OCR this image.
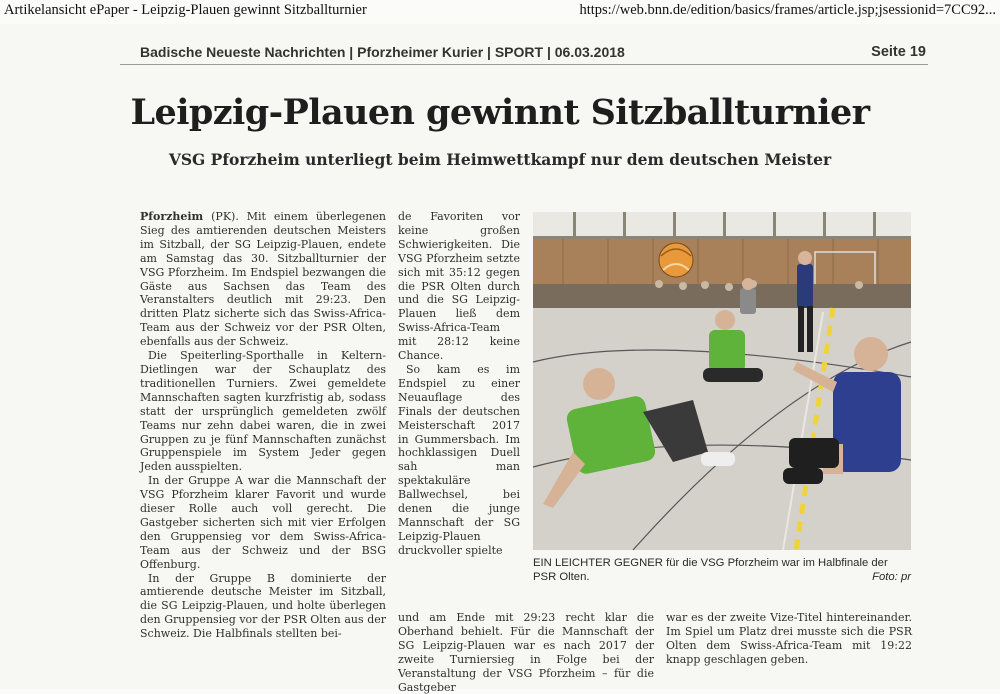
Artikelansicht ePaper - Leipzig-Plauen gewinnt Sitzballturnier	https://web.bnn.de/edition/basics/frames/article.jsp;jsessionid=7CC92...
Badische Neueste Nachrichten | Pforzheimer Kurier | SPORT | 06.03.2018	Seite 19
Leipzig-Plauen gewinnt Sitzballturnier
VSG Pforzheim unterliegt beim Heimwettkampf nur dem deutschen Meister

Pforzheim (PK). Mit einem überlegenen Sieg des amtierenden deutschen Meisters im Sitzball, der SG Leipzig-Plauen, endete am Samstag das 30. Sitzballturnier der VSG Pforzheim. Im Endspiel bezwangen die Gäste aus Sachsen das Team des Veranstalters deutlich mit 29:23. Den dritten Platz sicherte sich das Swiss-Africa-Team aus der Schweiz vor der PSR Olten, ebenfalls aus der Schweiz.

Die Speiterling-Sporthalle in Keltern-Dietlingen war der Schauplatz des traditionellen Turniers. Zwei gemeldete Mannschaften sagten kurzfristig ab, sodass statt der ursprünglich gemeldeten zwölf Teams nur zehn dabei waren, die in zwei Gruppen zu je fünf Mannschaften zunächst Gruppenspiele im System Jeder gegen Jeden ausspielten.

In der Gruppe A war die Mannschaft der VSG Pforzheim klarer Favorit und wurde dieser Rolle auch voll gerecht. Die Gastgeber sicherten sich mit vier Erfolgen den Gruppensieg vor dem Swiss-Africa-Team aus der Schweiz und der BSG Offenburg.

In der Gruppe B dominierte der amtierende deutsche Meister im Sitzball, die SG Leipzig-Plauen, und holte überlegen den Gruppensieg vor der PSR Olten aus der Schweiz. Die Halbfinals stellten bei-

de Favoriten vor keine großen Schwierigkeiten. Die VSG Pforzheim setzte sich mit 35:12 gegen die PSR Olten durch und die SG Leipzig-Plauen ließ dem Swiss-Africa-Team mit 28:12 keine Chance.

So kam es im Endspiel zu einer Neuauflage des Finals der deutschen Meisterschaft 2017 in Gummersbach. Im hochklassigen Duell sah man spektakuläre Ballwechsel, bei denen die junge Mannschaft der SG Leipzig-Plauen druckvoller spielte

und am Ende mit 29:23 recht klar die Oberhand behielt. Für die Mannschaft der SG Leipzig-Plauen war es nach 2017 der zweite Turniersieg in Folge bei der Veranstaltung der VSG Pforzheim – für die Gastgeber

war es der zweite Vize-Titel hintereinander. Im Spiel um Platz drei musste sich die PSR Olten dem Swiss-Africa-Team mit 19:22 knapp geschlagen geben.

EIN LEICHTER GEGNER für die VSG Pforzheim war im Halbfinale der PSR Olten.	Foto: pr
